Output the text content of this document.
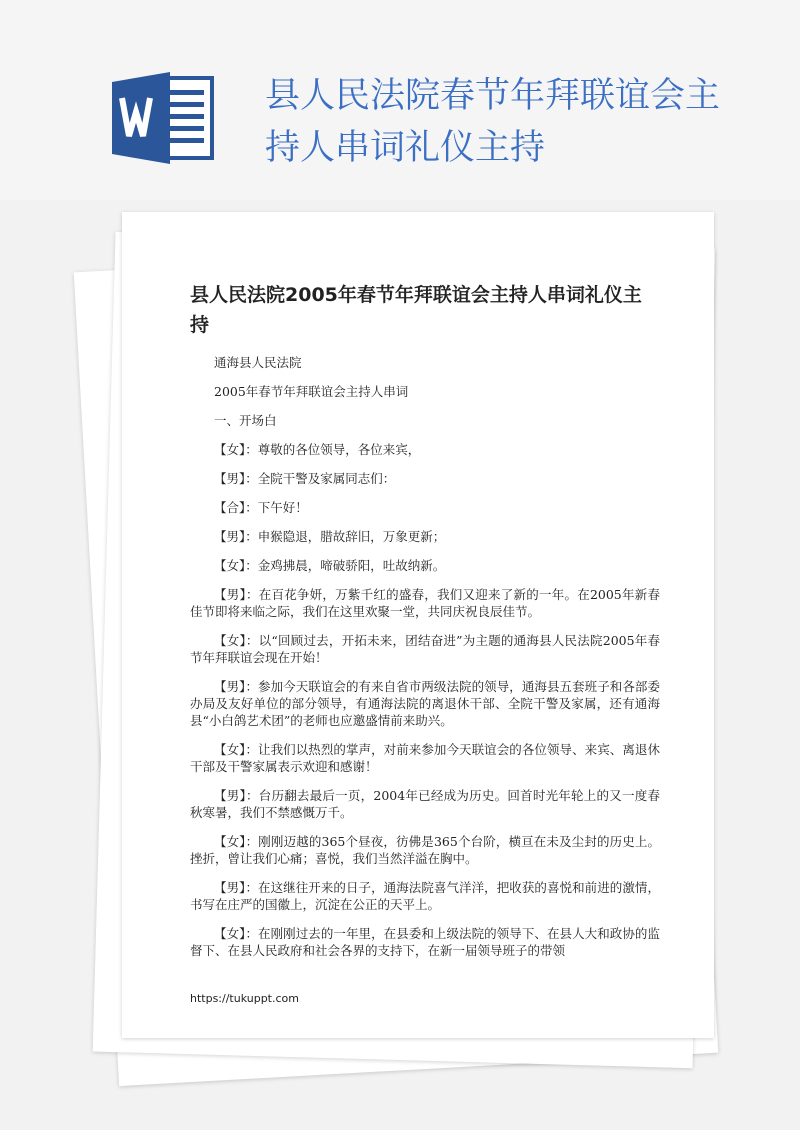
县人民法院春节年拜联谊会主持人串词礼仪主持
县人民法院2005年春节年拜联谊会主持人串词礼仪主持

通海县人民法院

2005年春节年拜联谊会主持人串词

一、开场白

【女】：尊敬的各位领导，各位来宾，

【男】：全院干警及家属同志们：

【合】：下午好！

【男】：申猴隐退，腊故辞旧，万象更新；

【女】：金鸡拂晨，啼破骄阳，吐故纳新。

【男】：在百花争妍，万紫千红的盛春，我们又迎来了新的一年。在2005年新春佳节即将来临之际，我们在这里欢聚一堂，共同庆祝良辰佳节。

【女】：以“回顾过去，开拓未来，团结奋进”为主题的通海县人民法院2005年春节年拜联谊会现在开始！

【男】：参加今天联谊会的有来自省市两级法院的领导，通海县五套班子和各部委办局及友好单位的部分领导，有通海法院的离退休干部、全院干警及家属，还有通海县“小白鸽艺术团”的老师也应邀盛情前来助兴。

【女】：让我们以热烈的掌声，对前来参加今天联谊会的各位领导、来宾、离退休干部及干警家属表示欢迎和感谢！

【男】：台历翻去最后一页，2004年已经成为历史。回首时光年轮上的又一度春秋寒暑，我们不禁感慨万千。

【女】：刚刚迈越的365个昼夜，彷佛是365个台阶，横亘在未及尘封的历史上。挫折，曾让我们心痛；喜悦，我们当然洋溢在胸中。

【男】：在这继往开来的日子，通海法院喜气洋洋，把收获的喜悦和前进的激情，书写在庄严的国徽上，沉淀在公正的天平上。

【女】：在刚刚过去的一年里，在县委和上级法院的领导下、在县人大和政协的监督下、在县人民政府和社会各界的支持下，在新一届领导班子的带领

https://tukuppt.com
